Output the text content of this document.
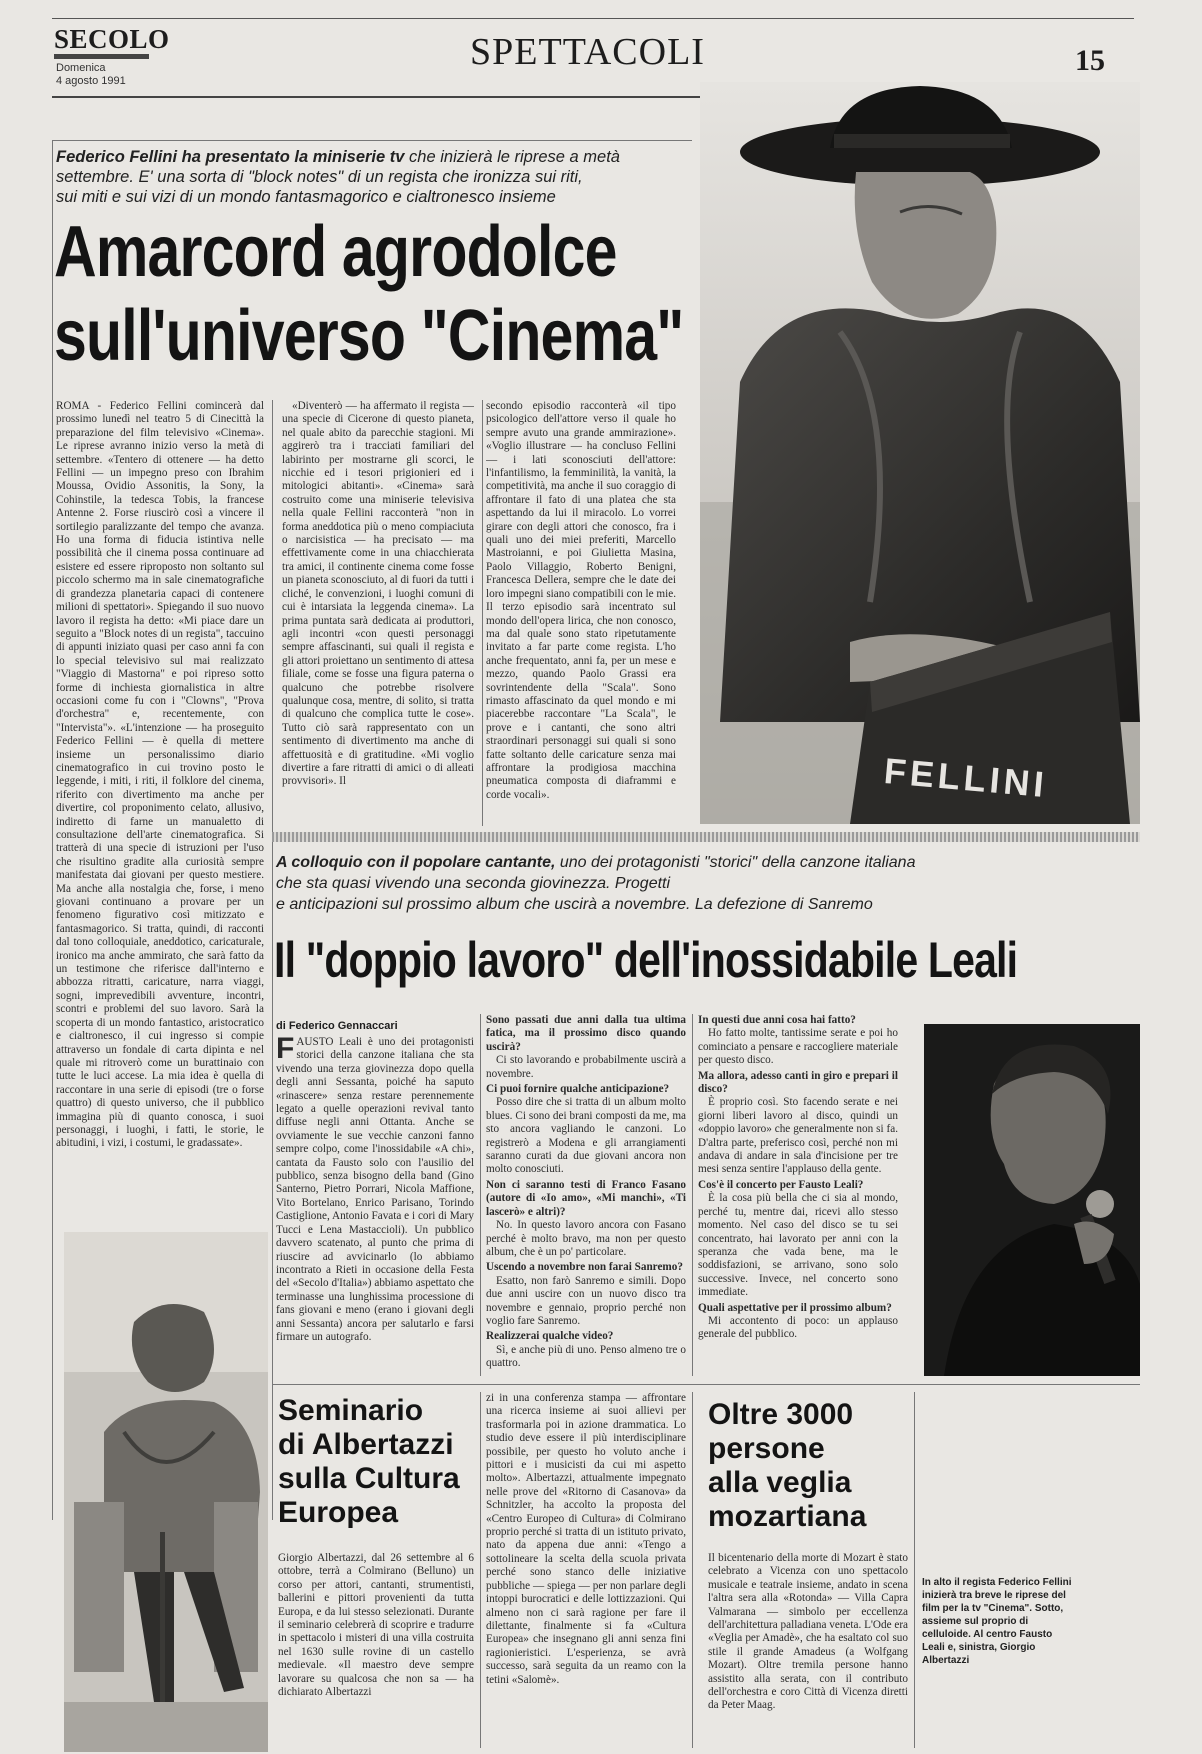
SECOLO
Domenica
4 agosto 1991
SPETTACOLI	15
Federico Fellini ha presentato la miniserie tv che inizierà le riprese a metà
settembre. E' una sorta di "block notes" di un regista che ironizza sui riti,
sui miti e sui vizi di un mondo fantasmagorico e cialtronesco insieme
Amarcord agrodolce
sull'universo "Cinema"

ROMA - Federico Fellini comincerà dal prossimo lunedì nel teatro 5 di Cinecittà la preparazione del film televisivo «Cinema». Le riprese avranno inizio verso la metà di settembre. «Tentero di ottenere — ha detto Fellini — un impegno preso con Ibrahim Moussa, Ovidio Assonitis, la Sony, la Cohinstile, la tedesca Tobis, la francese Antenne 2. Forse riuscirò così a vincere il sortilegio paralizzante del tempo che avanza. Ho una forma di fiducia istintiva nelle possibilità che il cinema possa continuare ad esistere ed essere riproposto non soltanto sul piccolo schermo ma in sale cinematografiche di grandezza planetaria capaci di contenere milioni di spettatori». Spiegando il suo nuovo lavoro il regista ha detto: «Mi piace dare un seguito a "Block notes di un regista", taccuino di appunti iniziato quasi per caso anni fa con lo special televisivo sul mai realizzato "Viaggio di Mastorna" e poi ripreso sotto forme di inchiesta giornalistica in altre occasioni come fu con i "Clowns", "Prova d'orchestra" e, recentemente, con "Intervista"». «L'intenzione — ha proseguito Federico Fellini — è quella di mettere insieme un personalissimo diario cinematografico in cui trovino posto le leggende, i miti, i riti, il folklore del cinema, riferito con divertimento ma anche per divertire, col proponimento celato, allusivo, indiretto di farne un manualetto di consultazione dell'arte cinematografica. Si tratterà di una specie di istruzioni per l'uso che risultino gradite alla curiosità sempre manifestata dai giovani per questo mestiere. Ma anche alla nostalgia che, forse, i meno giovani continuano a provare per un fenomeno figurativo così mitizzato e fantasmagorico. Si tratta, quindi, di racconti dal tono colloquiale, aneddotico, caricaturale, ironico ma anche ammirato, che sarà fatto da un testimone che riferisce dall'interno e abbozza ritratti, caricature, narra viaggi, sogni, imprevedibili avventure, incontri, scontri e problemi del suo lavoro. Sarà la scoperta di un mondo fantastico, aristocratico e cialtronesco, il cui ingresso si compie attraverso un fondale di carta dipinta e nel quale mi ritroverò come un burattinaio con tutte le luci accese. La mia idea è quella di raccontare in una serie di episodi (tre o forse quattro) di questo universo, che il pubblico immagina più di quanto conosca, i suoi personaggi, i luoghi, i fatti, le storie, le abitudini, i vizi, i costumi, le gradassate».

«Diventerò — ha affermato il regista — una specie di Cicerone di questo pianeta, nel quale abito da parecchie stagioni. Mi aggirerò tra i tracciati familiari del labirinto per mostrarne gli scorci, le nicchie ed i tesori prigionieri ed i mitologici abitanti». «Cinema» sarà costruito come una miniserie televisiva nella quale Fellini racconterà "non in forma aneddotica più o meno compiaciuta o narcisistica — ha precisato — ma effettivamente come in una chiacchierata tra amici, il continente cinema come fosse un pianeta sconosciuto, al di fuori da tutti i cliché, le convenzioni, i luoghi comuni di cui è intarsiata la leggenda cinema». La prima puntata sarà dedicata ai produttori, agli incontri «con questi personaggi sempre affascinanti, sui quali il regista e gli attori proiettano un sentimento di attesa filiale, come se fosse una figura paterna o qualcuno che potrebbe risolvere qualunque cosa, mentre, di solito, si tratta di qualcuno che complica tutte le cose». Tutto ciò sarà rappresentato con un sentimento di divertimento ma anche di affettuosità e di gratitudine. «Mi voglio divertire a fare ritratti di amici o di alleati provvisori». Il

secondo episodio racconterà «il tipo psicologico dell'attore verso il quale ho sempre avuto una grande ammirazione». «Voglio illustrare — ha concluso Fellini — i lati sconosciuti dell'attore: l'infantilismo, la femminilità, la vanità, la competitività, ma anche il suo coraggio di affrontare il fato di una platea che sta aspettando da lui il miracolo. Lo vorrei girare con degli attori che conosco, fra i quali uno dei miei preferiti, Marcello Mastroianni, e poi Giulietta Masina, Paolo Villaggio, Roberto Benigni, Francesca Dellera, sempre che le date dei loro impegni siano compatibili con le mie. Il terzo episodio sarà incentrato sul mondo dell'opera lirica, che non conosco, ma dal quale sono stato ripetutamente invitato a far parte come regista. L'ho anche frequentato, anni fa, per un mese e mezzo, quando Paolo Grassi era sovrintendente della "Scala". Sono rimasto affascinato da quel mondo e mi piacerebbe raccontare "La Scala", le prove e i cantanti, che sono altri straordinari personaggi sui quali si sono fatte soltanto delle caricature senza mai affrontare la prodigiosa macchina pneumatica composta di diaframmi e corde vocali».	FELLINI
A colloquio con il popolare cantante, uno dei protagonisti "storici" della canzone italiana
che sta quasi vivendo una seconda giovinezza. Progetti
e anticipazioni sul prossimo album che uscirà a novembre. La defezione di Sanremo
Il "doppio lavoro" dell'inossidabile Leali
di Federico Gennaccari
FAUSTO Leali è uno dei protagonisti storici della canzone italiana che sta vivendo una terza giovinezza dopo quella degli anni Sessanta, poiché ha saputo «rinascere» senza restare perennemente legato a quelle operazioni revival tanto diffuse negli anni Ottanta. Anche se ovviamente le sue vecchie canzoni fanno sempre colpo, come l'inossidabile «A chi», cantata da Fausto solo con l'ausilio del pubblico, senza bisogno della band (Gino Santerno, Pietro Porrari, Nicola Maffione, Vito Bortelano, Enrico Parisano, Torindo Castiglione, Antonio Favata e i cori di Mary Tucci e Lena Mastaccioli). Un pubblico davvero scatenato, al punto che prima di riuscire ad avvicinarlo (lo abbiamo incontrato a Rieti in occasione della Festa del «Secolo d'Italia») abbiamo aspettato che terminasse una lunghissima processione di fans giovani e meno (erano i giovani degli anni Sessanta) ancora per salutarlo e farsi firmare un autografo.
Sono passati due anni dalla tua ultima fatica, ma il prossimo disco quando uscirà?

Ci sto lavorando e probabilmente uscirà a novembre.

Ci puoi fornire qualche anticipazione?

Posso dire che si tratta di un album molto blues. Ci sono dei brani composti da me, ma sto ancora vagliando le canzoni. Lo registrerò a Modena e gli arrangiamenti saranno curati da due giovani ancora non molto conosciuti.

Non ci saranno testi di Franco Fasano (autore di «Io amo», «Mi manchi», «Ti lascerò» e altri)?

No. In questo lavoro ancora con Fasano perché è molto bravo, ma non per questo album, che è un po' particolare.

Uscendo a novembre non farai Sanremo?

Esatto, non farò Sanremo e simili. Dopo due anni uscire con un nuovo disco tra novembre e gennaio, proprio perché non voglio fare Sanremo.

Realizzerai qualche video?

Sì, e anche più di uno. Penso almeno tre o quattro.

In questi due anni cosa hai fatto?

Ho fatto molte, tantissime serate e poi ho cominciato a pensare e raccogliere materiale per questo disco.

Ma allora, adesso canti in giro e prepari il disco?

È proprio così. Sto facendo serate e nei giorni liberi lavoro al disco, quindi un «doppio lavoro» che generalmente non si fa. D'altra parte, preferisco così, perché non mi andava di andare in sala d'incisione per tre mesi senza sentire l'applauso della gente.

Cos'è il concerto per Fausto Leali?

È la cosa più bella che ci sia al mondo, perché tu, mentre dai, ricevi allo stesso momento. Nel caso del disco se tu sei concentrato, hai lavorato per anni con la speranza che vada bene, ma le soddisfazioni, se arrivano, sono solo successive. Invece, nel concerto sono immediate.

Quali aspettative per il prossimo album?

Mi accontento di poco: un applauso generale del pubblico.

Seminario
di Albertazzi
sulla Cultura
Europea

Giorgio Albertazzi, dal 26 settembre al 6 ottobre, terrà a Colmirano (Belluno) un corso per attori, cantanti, strumentisti, ballerini e pittori provenienti da tutta Europa, e da lui stesso selezionati. Durante il seminario celebrerà di scoprire e tradurre in spettacolo i misteri di una villa costruita nel 1630 sulle rovine di un castello medievale. «Il maestro deve sempre lavorare su qualcosa che non sa — ha dichiarato Albertazzi

zi in una conferenza stampa — affrontare una ricerca insieme ai suoi allievi per trasformarla poi in azione drammatica. Lo studio deve essere il più interdisciplinare possibile, per questo ho voluto anche i pittori e i musicisti da cui mi aspetto molto». Albertazzi, attualmente impegnato nelle prove del «Ritorno di Casanova» da Schnitzler, ha accolto la proposta del «Centro Europeo di Cultura» di Colmirano proprio perché si tratta di un istituto privato, nato da appena due anni: «Tengo a sottolineare la scelta della scuola privata perché sono stanco delle iniziative pubbliche — spiega — per non parlare degli intoppi burocratici e delle lottizzazioni. Qui almeno non ci sarà ragione per fare il dilettante, finalmente si fa «Cultura Europea» che insegnano gli anni senza fini ragionieristici. L'esperienza, se avrà successo, sarà seguita da un reamo con la tetini «Salomè».

Oltre 3000
persone
alla veglia
mozartiana

Il bicentenario della morte di Mozart è stato celebrato a Vicenza con uno spettacolo musicale e teatrale insieme, andato in scena l'altra sera alla «Rotonda» — Villa Capra Valmarana — simbolo per eccellenza dell'architettura palladiana veneta. L'Ode era «Veglia per Amadè», che ha esaltato col suo stile il grande Amadeus (a Wolfgang Mozart). Oltre tremila persone hanno assistito alla serata, con il contributo dell'orchestra e coro Città di Vicenza diretti da Peter Maag.

In alto il regista Federico Fellini inizierà tra breve le riprese del film per la tv "Cinema". Sotto, assieme sul proprio di celluloide. Al centro Fausto Leali e, sinistra, Giorgio Albertazzi
